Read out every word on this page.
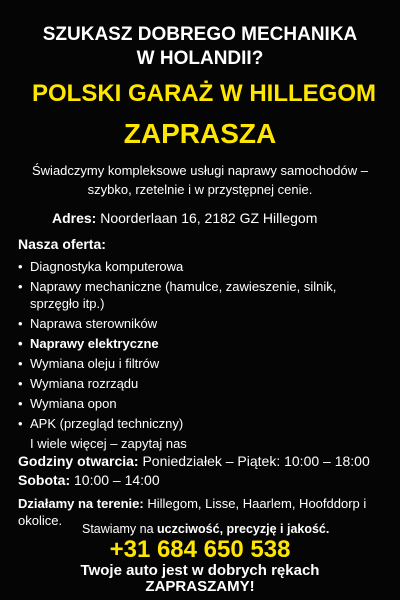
SZUKASZ DOBREGO MECHANIKA

W HOLANDII?

POLSKI GARAŻ W HILLEGOM

ZAPRASZA

Świadczymy kompleksowe usługi naprawy samochodów –

szybko, rzetelnie i w przystępnej cenie.

Adres: Noorderlaan 16, 2182 GZ Hillegom

Nasza oferta:

• Diagnostyka komputerowa
• Naprawy mechaniczne (hamulce, zawieszenie, silnik, sprzęgło itp.)
• Naprawa sterowników
• Naprawy elektryczne
• Wymiana oleju i filtrów
• Wymiana rozrządu
• Wymiana opon
• APK (przegląd techniczny)
I wiele więcej – zapytaj nas

Godziny otwarcia: Poniedziałek – Piątek: 10:00 – 18:00

Sobota: 10:00 – 14:00

Działamy na terenie: Hillegom, Lisse, Haarlem, Hoofddorp i okolice.

Stawiamy na uczciwość, precyzję i jakość.

+31 684 650 538

Twoje auto jest w dobrych rękach

ZAPRASZAMY!
